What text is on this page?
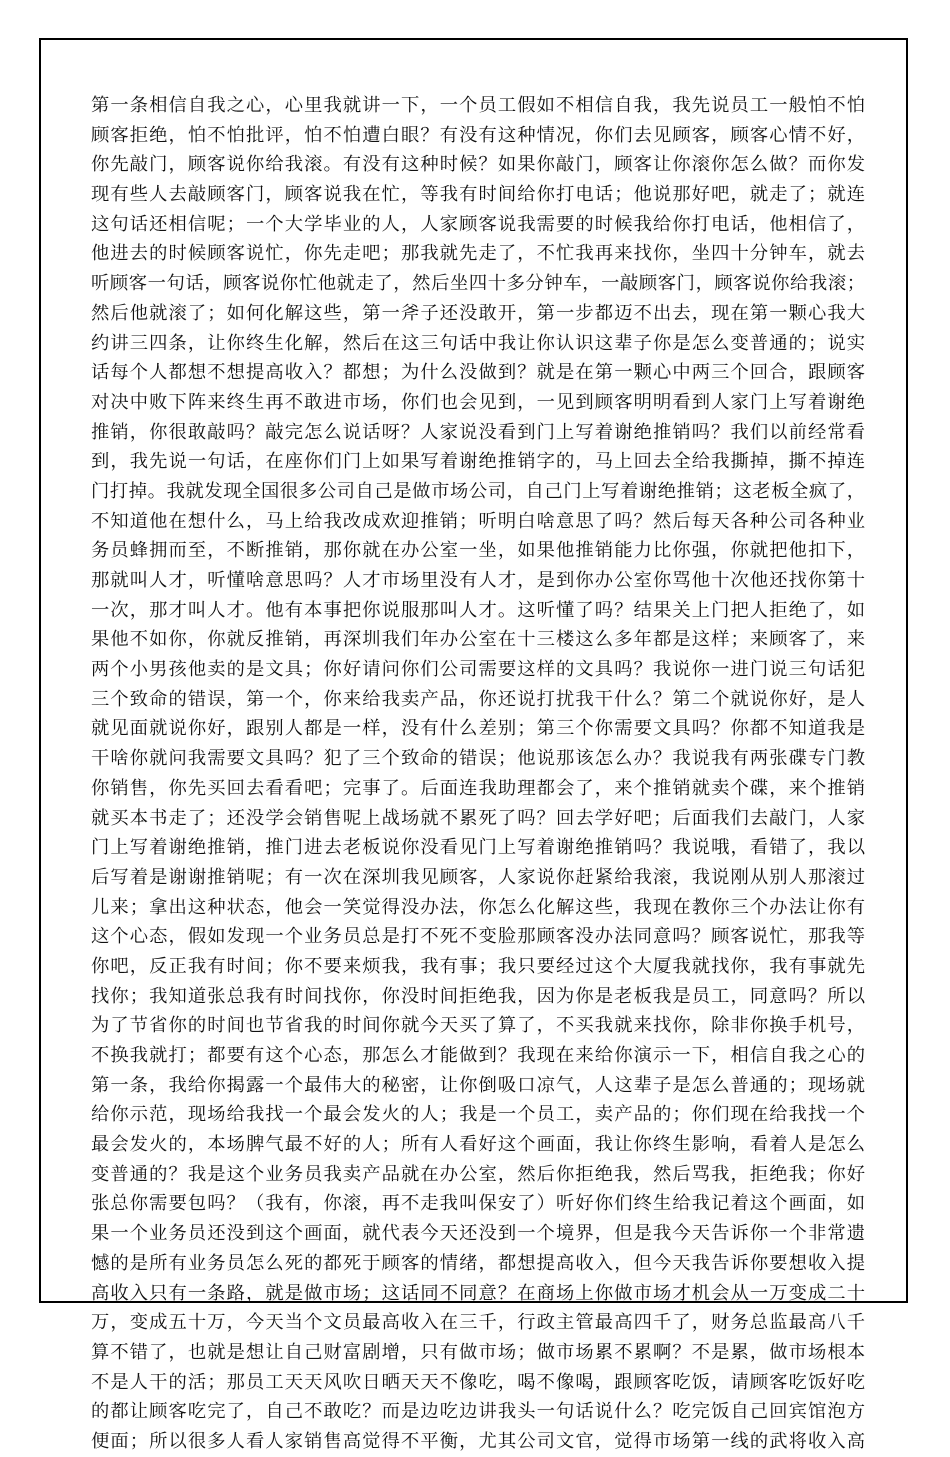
第一条相信自我之心，心里我就讲一下，一个员工假如不相信自我，我先说员工一般怕不怕
顾客拒绝，怕不怕批评，怕不怕遭白眼？有没有这种情况，你们去见顾客，顾客心情不好，
你先敲门，顾客说你给我滚。有没有这种时候？如果你敲门，顾客让你滚你怎么做？而你发
现有些人去敲顾客门，顾客说我在忙，等我有时间给你打电话；他说那好吧，就走了；就连
这句话还相信呢；一个大学毕业的人，人家顾客说我需要的时候我给你打电话，他相信了，
他进去的时候顾客说忙，你先走吧；那我就先走了，不忙我再来找你，坐四十分钟车，就去
听顾客一句话，顾客说你忙他就走了，然后坐四十多分钟车，一敲顾客门，顾客说你给我滚；
然后他就滚了；如何化解这些，第一斧子还没敢开，第一步都迈不出去，现在第一颗心我大
约讲三四条，让你终生化解，然后在这三句话中我让你认识这辈子你是怎么变普通的；说实
话每个人都想不想提高收入？都想；为什么没做到？就是在第一颗心中两三个回合，跟顾客
对决中败下阵来终生再不敢进市场，你们也会见到，一见到顾客明明看到人家门上写着谢绝
推销，你很敢敲吗？敲完怎么说话呀？人家说没看到门上写着谢绝推销吗？我们以前经常看
到，我先说一句话，在座你们门上如果写着谢绝推销字的，马上回去全给我撕掉，撕不掉连
门打掉。我就发现全国很多公司自己是做市场公司，自己门上写着谢绝推销；这老板全疯了，
不知道他在想什么，马上给我改成欢迎推销；听明白啥意思了吗？然后每天各种公司各种业
务员蜂拥而至，不断推销，那你就在办公室一坐，如果他推销能力比你强，你就把他扣下，
那就叫人才，听懂啥意思吗？人才市场里没有人才，是到你办公室你骂他十次他还找你第十
一次，那才叫人才。他有本事把你说服那叫人才。这听懂了吗？结果关上门把人拒绝了，如
果他不如你，你就反推销，再深圳我们年办公室在十三楼这么多年都是这样；来顾客了，来
两个小男孩他卖的是文具；你好请问你们公司需要这样的文具吗？我说你一进门说三句话犯
三个致命的错误，第一个，你来给我卖产品，你还说打扰我干什么？第二个就说你好，是人
就见面就说你好，跟别人都是一样，没有什么差别；第三个你需要文具吗？你都不知道我是
干啥你就问我需要文具吗？犯了三个致命的错误；他说那该怎么办？我说我有两张碟专门教
你销售，你先买回去看看吧；完事了。后面连我助理都会了，来个推销就卖个碟，来个推销
就买本书走了；还没学会销售呢上战场就不累死了吗？回去学好吧；后面我们去敲门，人家
门上写着谢绝推销，推门进去老板说你没看见门上写着谢绝推销吗？我说哦，看错了，我以
后写着是谢谢推销呢；有一次在深圳我见顾客，人家说你赶紧给我滚，我说刚从别人那滚过
儿来；拿出这种状态，他会一笑觉得没办法，你怎么化解这些，我现在教你三个办法让你有
这个心态，假如发现一个业务员总是打不死不变脸那顾客没办法同意吗？顾客说忙，那我等
你吧，反正我有时间；你不要来烦我，我有事；我只要经过这个大厦我就找你，我有事就先
找你；我知道张总我有时间找你，你没时间拒绝我，因为你是老板我是员工，同意吗？所以
为了节省你的时间也节省我的时间你就今天买了算了，不买我就来找你，除非你换手机号，
不换我就打；都要有这个心态，那怎么才能做到？我现在来给你演示一下，相信自我之心的
第一条，我给你揭露一个最伟大的秘密，让你倒吸口凉气，人这辈子是怎么普通的；现场就
给你示范，现场给我找一个最会发火的人；我是一个员工，卖产品的；你们现在给我找一个
最会发火的，本场脾气最不好的人；所有人看好这个画面，我让你终生影响，看着人是怎么
变普通的？我是这个业务员我卖产品就在办公室，然后你拒绝我，然后骂我，拒绝我；你好
张总你需要包吗？（我有，你滚，再不走我叫保安了）听好你们终生给我记着这个画面，如
果一个业务员还没到这个画面，就代表今天还没到一个境界，但是我今天告诉你一个非常遗
憾的是所有业务员怎么死的都死于顾客的情绪，都想提高收入，但今天我告诉你要想收入提
高收入只有一条路，就是做市场；这话同不同意？在商场上你做市场才机会从一万变成二十
万，变成五十万，今天当个文员最高收入在三千，行政主管最高四千了，财务总监最高八千
算不错了，也就是想让自己财富剧增，只有做市场；做市场累不累啊？不是累，做市场根本
不是人干的活；那员工天天风吹日晒天天不像吃，喝不像喝，跟顾客吃饭，请顾客吃饭好吃
的都让顾客吃完了，自己不敢吃？而是边吃边讲我头一句话说什么？吃完饭自己回宾馆泡方
便面；所以很多人看人家销售高觉得不平衡，尤其公司文官，觉得市场第一线的武将收入高
